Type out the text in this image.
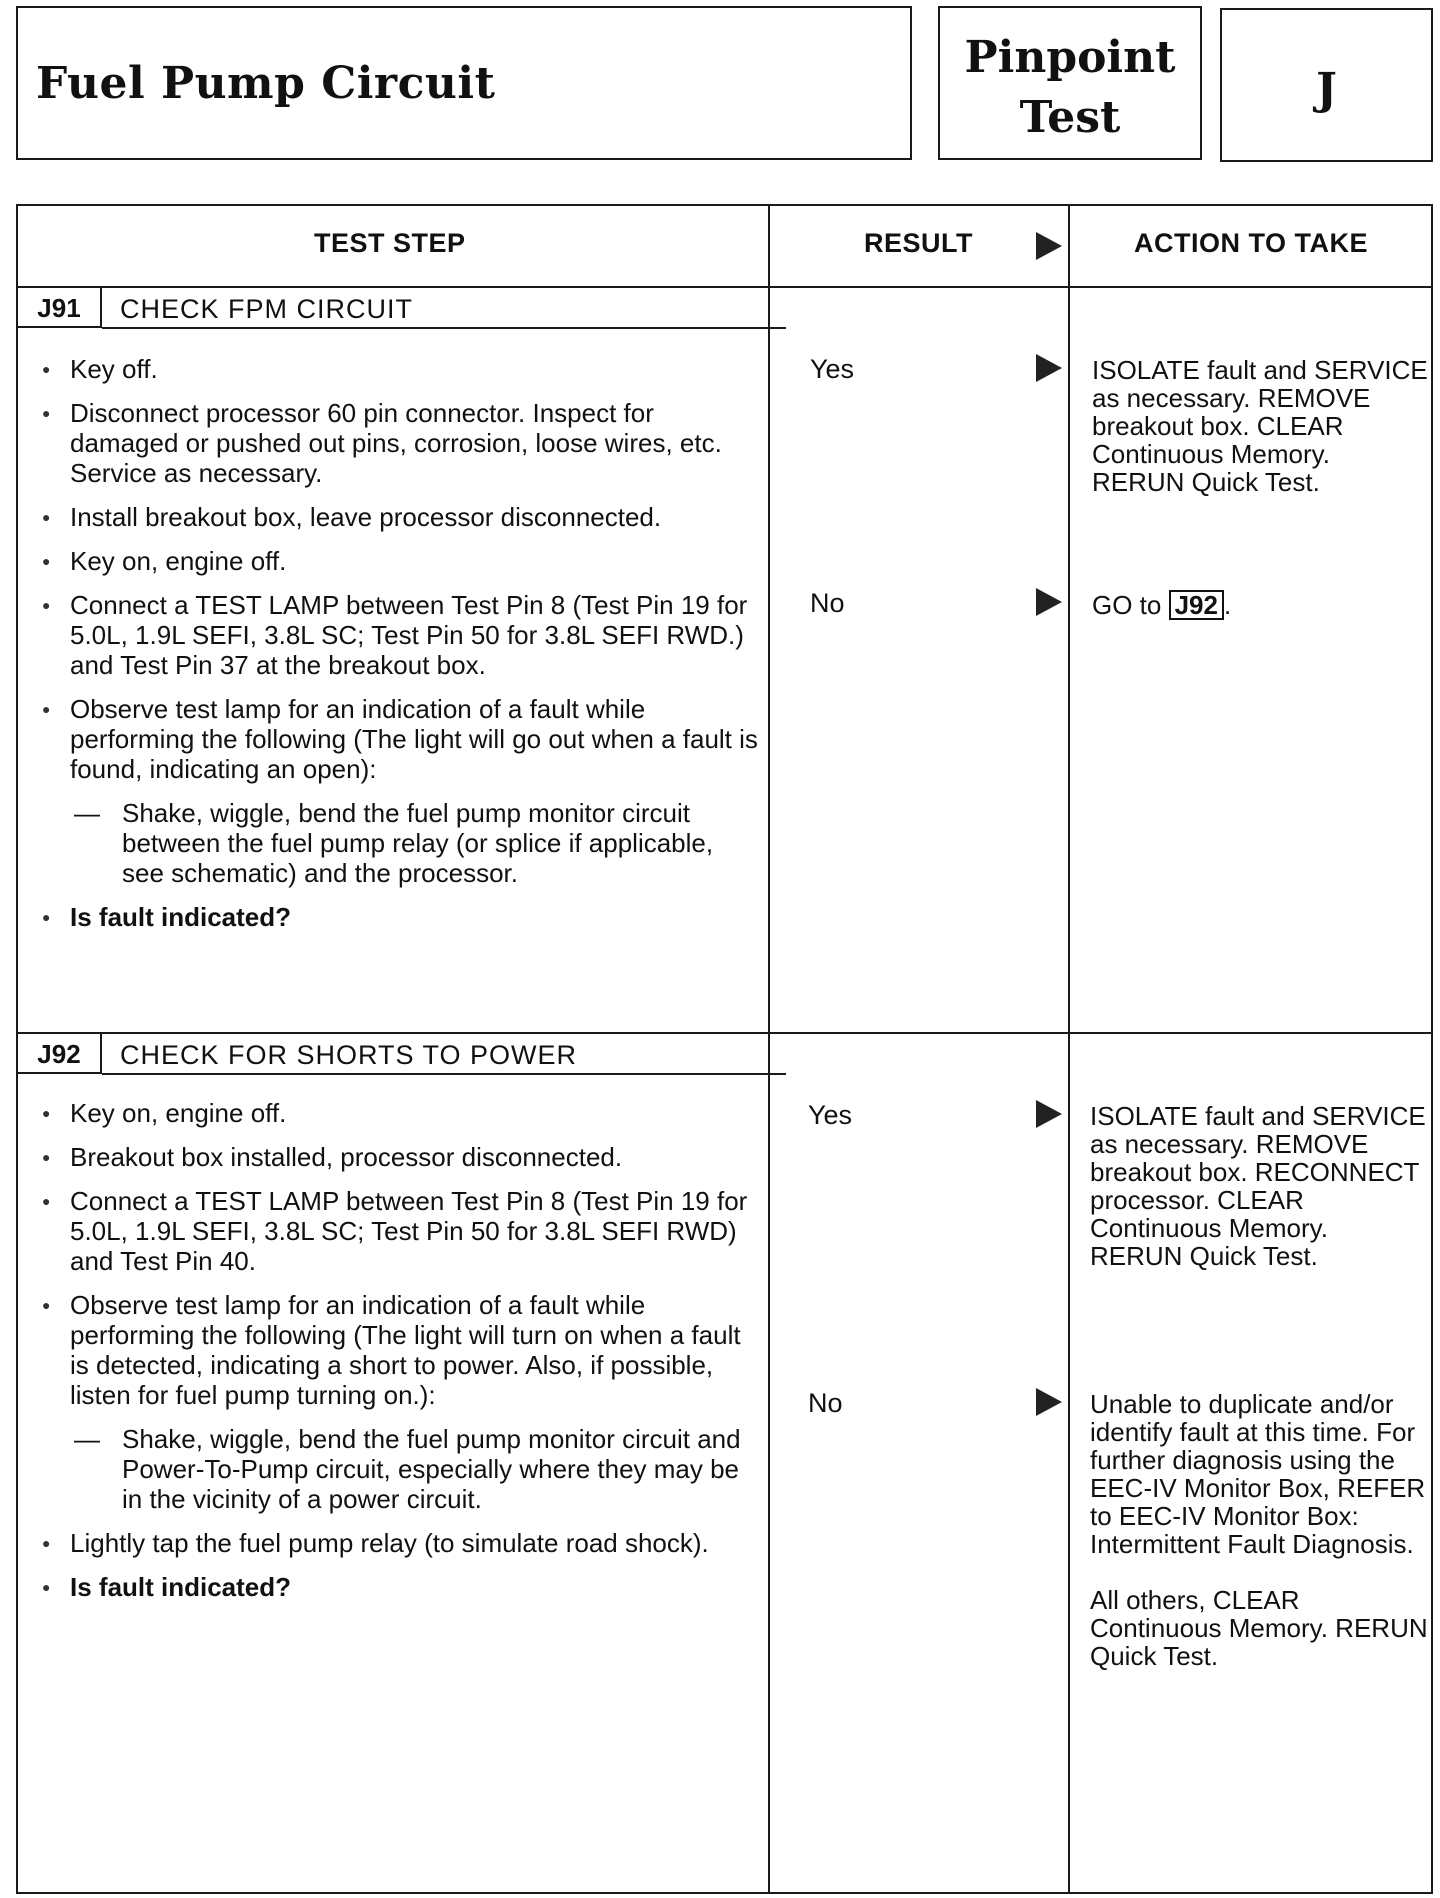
Fuel Pump Circuit
Pinpoint
Test
J
TEST STEP	RESULT	ACTION TO TAKE
J91	CHECK FPM CIRCUIT
● Key off.
● Disconnect processor 60 pin connector. Inspect for damaged or pushed out pins, corrosion, loose wires, etc. Service as necessary.
● Install breakout box, leave processor disconnected.
● Key on, engine off.
● Connect a TEST LAMP between Test Pin 8 (Test Pin 19 for 5.0L, 1.9L SEFI, 3.8L SC; Test Pin 50 for 3.8L SEFI RWD.) and Test Pin 37 at the breakout box.
● Observe test lamp for an indication of a fault while performing the following (The light will go out when a fault is found, indicating an open):
— Shake, wiggle, bend the fuel pump monitor circuit between the fuel pump relay (or splice if applicable, see schematic) and the processor.
● Is fault indicated?
Yes	ISOLATE fault and SERVICE as necessary. REMOVE breakout box. CLEAR Continuous Memory.

RERUN Quick Test.

No	GO to J92 .
J92	CHECK FOR SHORTS TO POWER
● Key on, engine off.
● Breakout box installed, processor disconnected.
● Connect a TEST LAMP between Test Pin 8 (Test Pin 19 for 5.0L, 1.9L SEFI, 3.8L SC; Test Pin 50 for 3.8L SEFI RWD) and Test Pin 40.
● Observe test lamp for an indication of a fault while performing the following (The light will turn on when a fault is detected, indicating a short to power. Also, if possible, listen for fuel pump turning on.):
— Shake, wiggle, bend the fuel pump monitor circuit and Power-To-Pump circuit, especially where they may be in the vicinity of a power circuit.
● Lightly tap the fuel pump relay (to simulate road shock).
● Is fault indicated?
Yes	ISOLATE fault and SERVICE as necessary. REMOVE breakout box. RECONNECT processor. CLEAR Continuous Memory.

RERUN Quick Test.

No	Unable to duplicate and/or identify fault at this time. For further diagnosis using the EEC-IV Monitor Box, REFER to EEC-IV Monitor Box: Intermittent Fault Diagnosis.

All others, CLEAR Continuous Memory. RERUN Quick Test.
